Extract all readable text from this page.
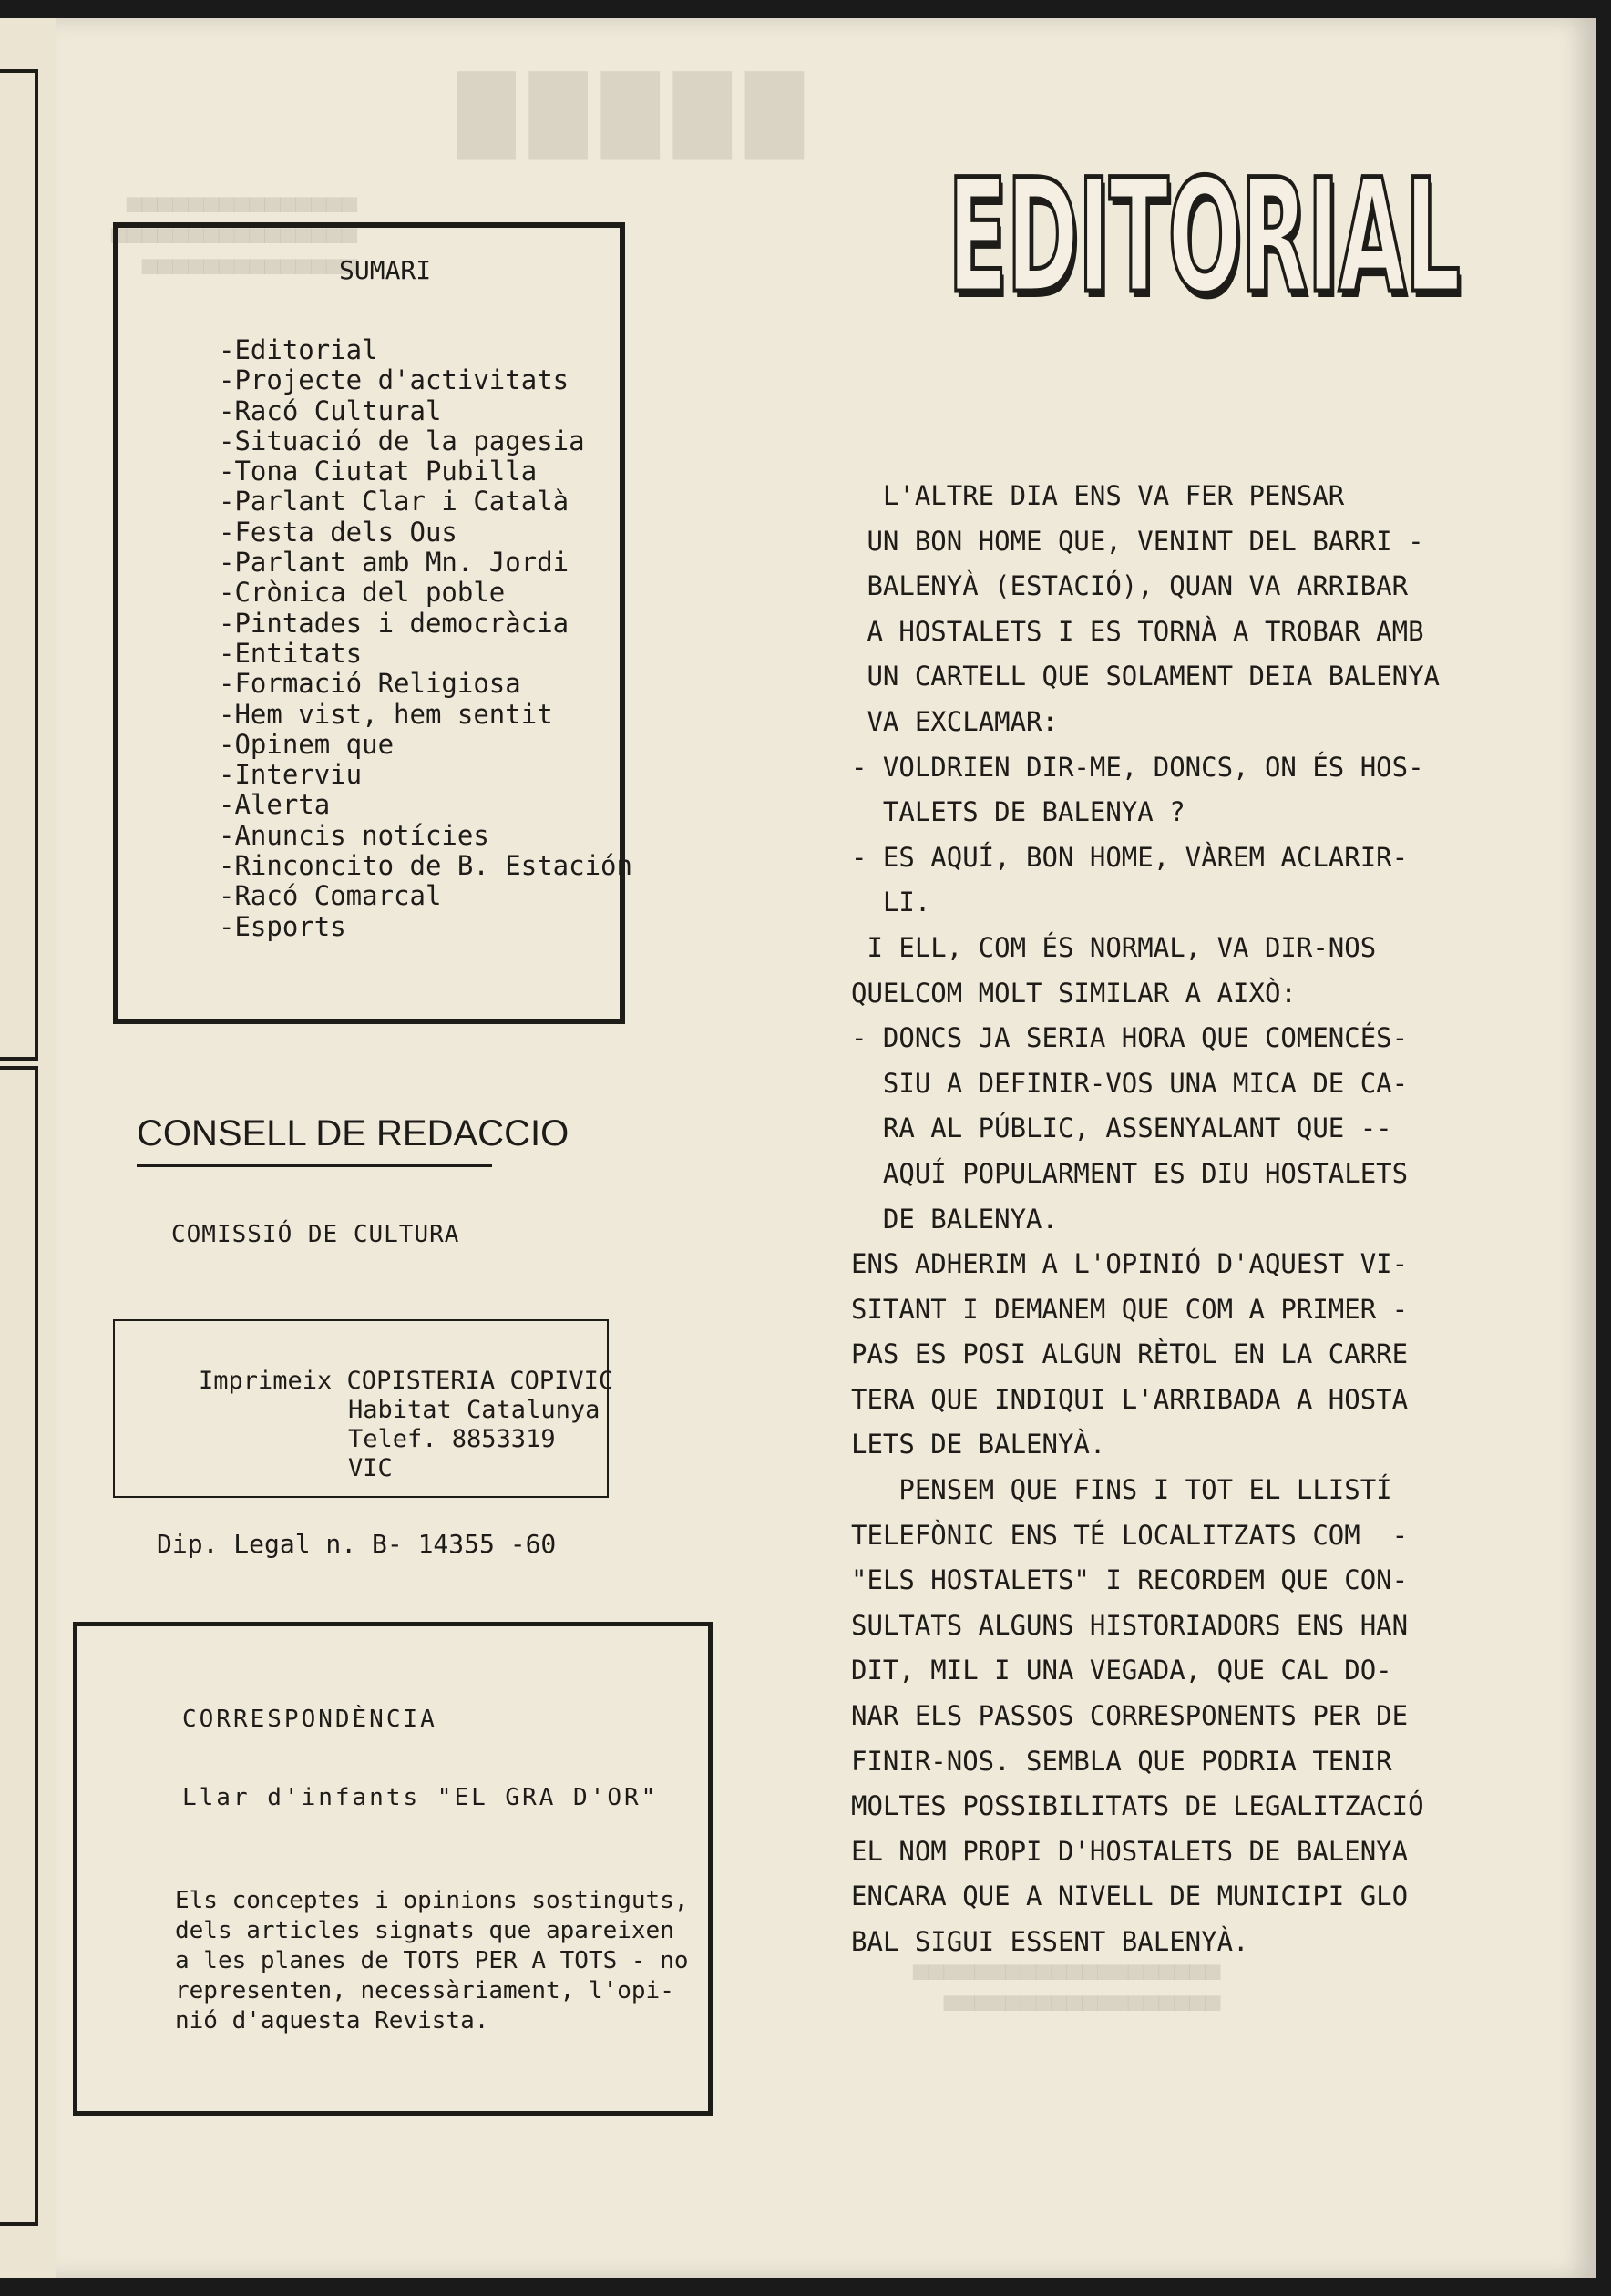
█████
▄▄▄▄▄▄▄▄▄▄▄▄▄▄▄
▄▄▄▄▄▄▄▄▄▄▄▄▄▄▄▄
▄▄▄▄▄▄▄▄▄▄▄▄▄▄
▄▄▄▄▄▄▄▄▄▄▄▄▄▄▄▄▄▄▄▄
▄▄▄▄▄▄▄▄▄▄▄▄▄▄▄▄▄▄
SUMARI
-Editorial
-Projecte d'activitats
-Racó Cultural
-Situació de la pagesia
-Tona Ciutat Pubilla
-Parlant Clar i Català
-Festa dels Ous
-Parlant amb Mn. Jordi
-Crònica del poble
-Pintades i democràcia
-Entitats
-Formació Religiosa
-Hem vist, hem sentit
-Opinem que
-Interviu
-Alerta
-Anuncis notícies
-Rinconcito de B. Estación
-Racó Comarcal
-Esports
CONSELL DE REDACCIO
COMISSIÓ DE CULTURA
Imprimeix COPISTERIA COPIVIC
Habitat Catalunya
Telef. 8853319
VIC
Dip. Legal n. B- 14355 -60
CORRESPONDÈNCIA
Llar d'infants "EL GRA D'OR"
Els conceptes i opinions sostinguts,
dels articles signats que apareixen
a les planes de TOTS PER A TOTS - no
representen, necessàriament, l'opi-
nió d'aquesta Revista.
EDITORIAL
L'ALTRE DIA ENS VA FER PENSAR
UN BON HOME QUE, VENINT DEL BARRI -
BALENYÀ (ESTACIÓ), QUAN VA ARRIBAR
A HOSTALETS I ES TORNÀ A TROBAR AMB
UN CARTELL QUE SOLAMENT DEIA BALENYA
VA EXCLAMAR:
- VOLDRIEN DIR-ME, DONCS, ON ÉS HOS-
TALETS DE BALENYA ?
- ES AQUÍ, BON HOME, VÀREM ACLARIR-
LI.
I ELL, COM ÉS NORMAL, VA DIR-NOS
QUELCOM MOLT SIMILAR A AIXÒ:
- DONCS JA SERIA HORA QUE COMENCÉS-
SIU A DEFINIR-VOS UNA MICA DE CA-
RA AL PÚBLIC, ASSENYALANT QUE --
AQUÍ POPULARMENT ES DIU HOSTALETS
DE BALENYA.
ENS ADHERIM A L'OPINIÓ D'AQUEST VI-
SITANT I DEMANEM QUE COM A PRIMER -
PAS ES POSI ALGUN RÈTOL EN LA CARRE
TERA QUE INDIQUI L'ARRIBADA A HOSTA
LETS DE BALENYÀ.
PENSEM QUE FINS I TOT EL LLISTÍ
TELEFÒNIC ENS TÉ LOCALITZATS COM  -
"ELS HOSTALETS" I RECORDEM QUE CON-
SULTATS ALGUNS HISTORIADORS ENS HAN
DIT, MIL I UNA VEGADA, QUE CAL DO-
NAR ELS PASSOS CORRESPONENTS PER DE
FINIR-NOS. SEMBLA QUE PODRIA TENIR
MOLTES POSSIBILITATS DE LEGALITZACIÓ
EL NOM PROPI D'HOSTALETS DE BALENYA
ENCARA QUE A NIVELL DE MUNICIPI GLO
BAL SIGUI ESSENT BALENYÀ.
